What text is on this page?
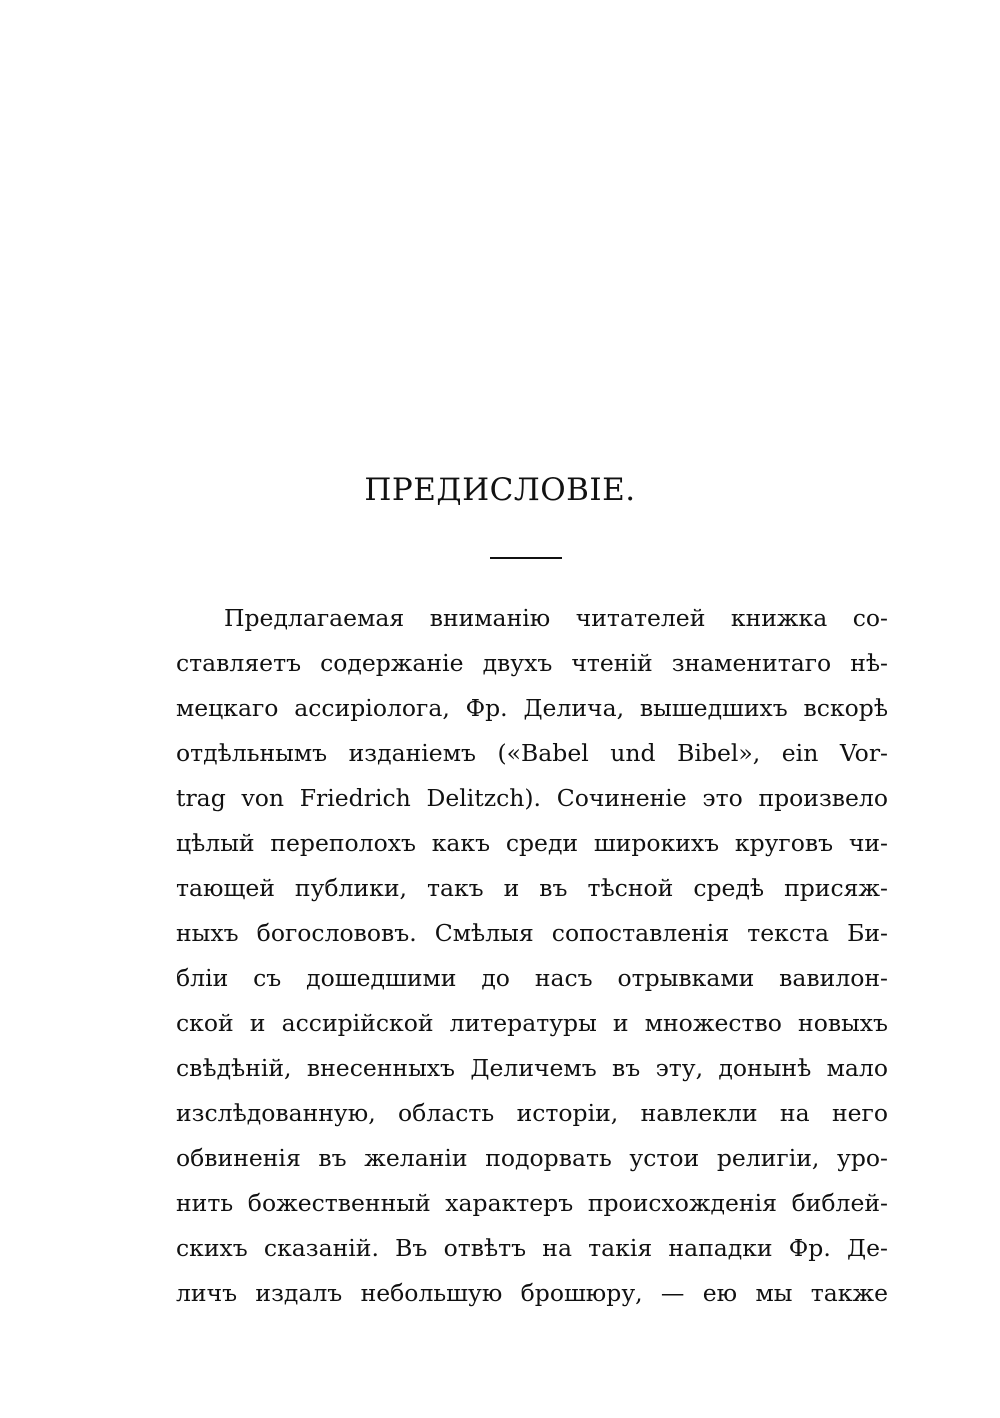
ПРЕДИСЛОВІЕ.
Предлагаемая вниманію читателей книжка со-
ставляетъ содержаніе двухъ чтеній знаменитаго нѣ-
мецкаго ассиріолога, Фр. Делича, вышедшихъ вскорѣ
отдѣльнымъ изданіемъ («Babel und Bibel», ein Vor-
trag von Friedrich Delitzch). Сочиненіе это произвело
цѣлый переполохъ какъ среди широкихъ круговъ чи-
тающей публики, такъ и въ тѣсной средѣ присяж-
ныхъ богослововъ. Смѣлыя сопоставленія текста Би-
бліи съ дошедшими до насъ отрывками вавилон-
ской и ассирійской литературы и множество новыхъ
свѣдѣній, внесенныхъ Деличемъ въ эту, донынѣ мало
изслѣдованную, область исторіи, навлекли на него
обвиненія въ желаніи подорвать устои религіи, уро-
нить божественный характеръ происхожденія библей-
скихъ сказаній. Въ отвѣтъ на такія нападки Фр. Де-
личъ издалъ небольшую брошюру, — ею мы также
